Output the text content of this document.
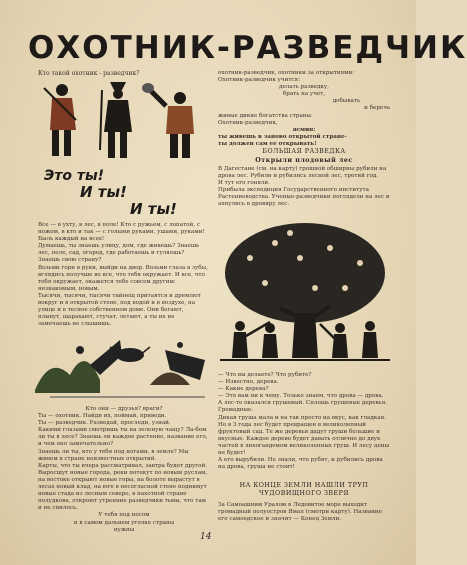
ОХОТНИК-РАЗВЕДЧИК
Кто такой охотник - разведчик?
Это ты!
И ты!
И ты!

Все — в ухту, в лес, в поле! Кто с ружьем, с лопатой, с ножом, в кто и так — с голыми руками, ушами, руками! Быль каждый на всех!

Думаешь, ты знаешь улицу, дом, где живешь? Знаешь лес, поле, сад, огород, где работаешь и гуляешь? Знаешь свою страну?

Возьми горн в руки, выйди на двор. Возьми глаза в зубы, вглядись получше во все, что тебя окружает. И все, что тебя окружает, окажется тебе совсем другим: незнакомым, новым.

Тысячи, тысячи, тысячи тайнещ притаятся и дремлют вокруг и в открытой стене, под водой и в воздухе, на улице и в тесное собственном доме. Они бегают, плывут, шарахают, стучат, летают, а ты их не замечаешь не слышишь.

Кто они — друзья? враги?

Ты — охотник. Найди их, поймай, приведи.

Ты — разведчик. Разведай, проследи, узнай.

Какими глазами смотришь ты на зеленую чащу? Ла-бом ли ты в лесе? Знаешь ли каждое растение, название его, и чем оно замечательно?

Знаешь ли ты, кто у тебя под ногами, в земле? Мы живем в стране неизвестных открытий.

Карты, что ты вчера рассматривал, завтра будет другой. Выросшут новые города, реки потекут по новым руслам, на востоке открыют новые горы, на болоте вырастут в лесах новый клад, на юге в несогласной стене поднимут новые стада из лесным северо, в пахотной стране полудкова, откроют утренние разведчики тьмы, что там и не снилось.

У тебя под носом

и в самом дальнем уголке страны

нужны

охотник-разведчик, охотники за открытиями:

Охотник-разведчик учится:

делать разведку,

брать на учет,

добывать

и беречь

живые дикие богатства страны.

Охотник-разведчик,

ясмин:

ты живешь в заново открытой стране-

ты должен сам ее открывать!

БОЛЬШАЯ РАЗВЕДКА
Открыли плодовый лес

В Дагестане (см. на карту) грошной обширны рубили на дрова лес. Рубили и рубились лесной лес, третий год.

И тут его гоняли.

Прибыла экспедиция Государственного института Растениеводства. Ученые-разведчики поглядели на лес и ахнулись в дровяру лес.

— Что вы делаете? Что рубите?

— Известно, дерева.

— Какие дерева?

— Это вам ни к чему. Только знаем, что дрова — дрова.

А лес-то оказался грушевый. Сплошь грушевые деревья. Громадные.

Дикая груша мала и на так просто на вкус, как гладкая. Но в 3 года лес будет превращен в великолепный фруктовый сад. Те же деревья дадут груши большие и вкусные. Каждое дерево будет давать отлично до двух частей в лихогандемом великолепных груш. И лесу цены не будет!

А его вырубили. Не знали, что рубят, и рубились дрова на дрова, груша не стоит!

НА КОНЦЕ ЗЕМЛИ НАШЛИ ТРУП ЧУДОВИЩНОГО ЗВЕРЯ
За Самоашним Уралом в Ледовитое море выходит громадный полуостров Ямал (смотри карту). Название его самоедское и значит — Конец Земли.
14
